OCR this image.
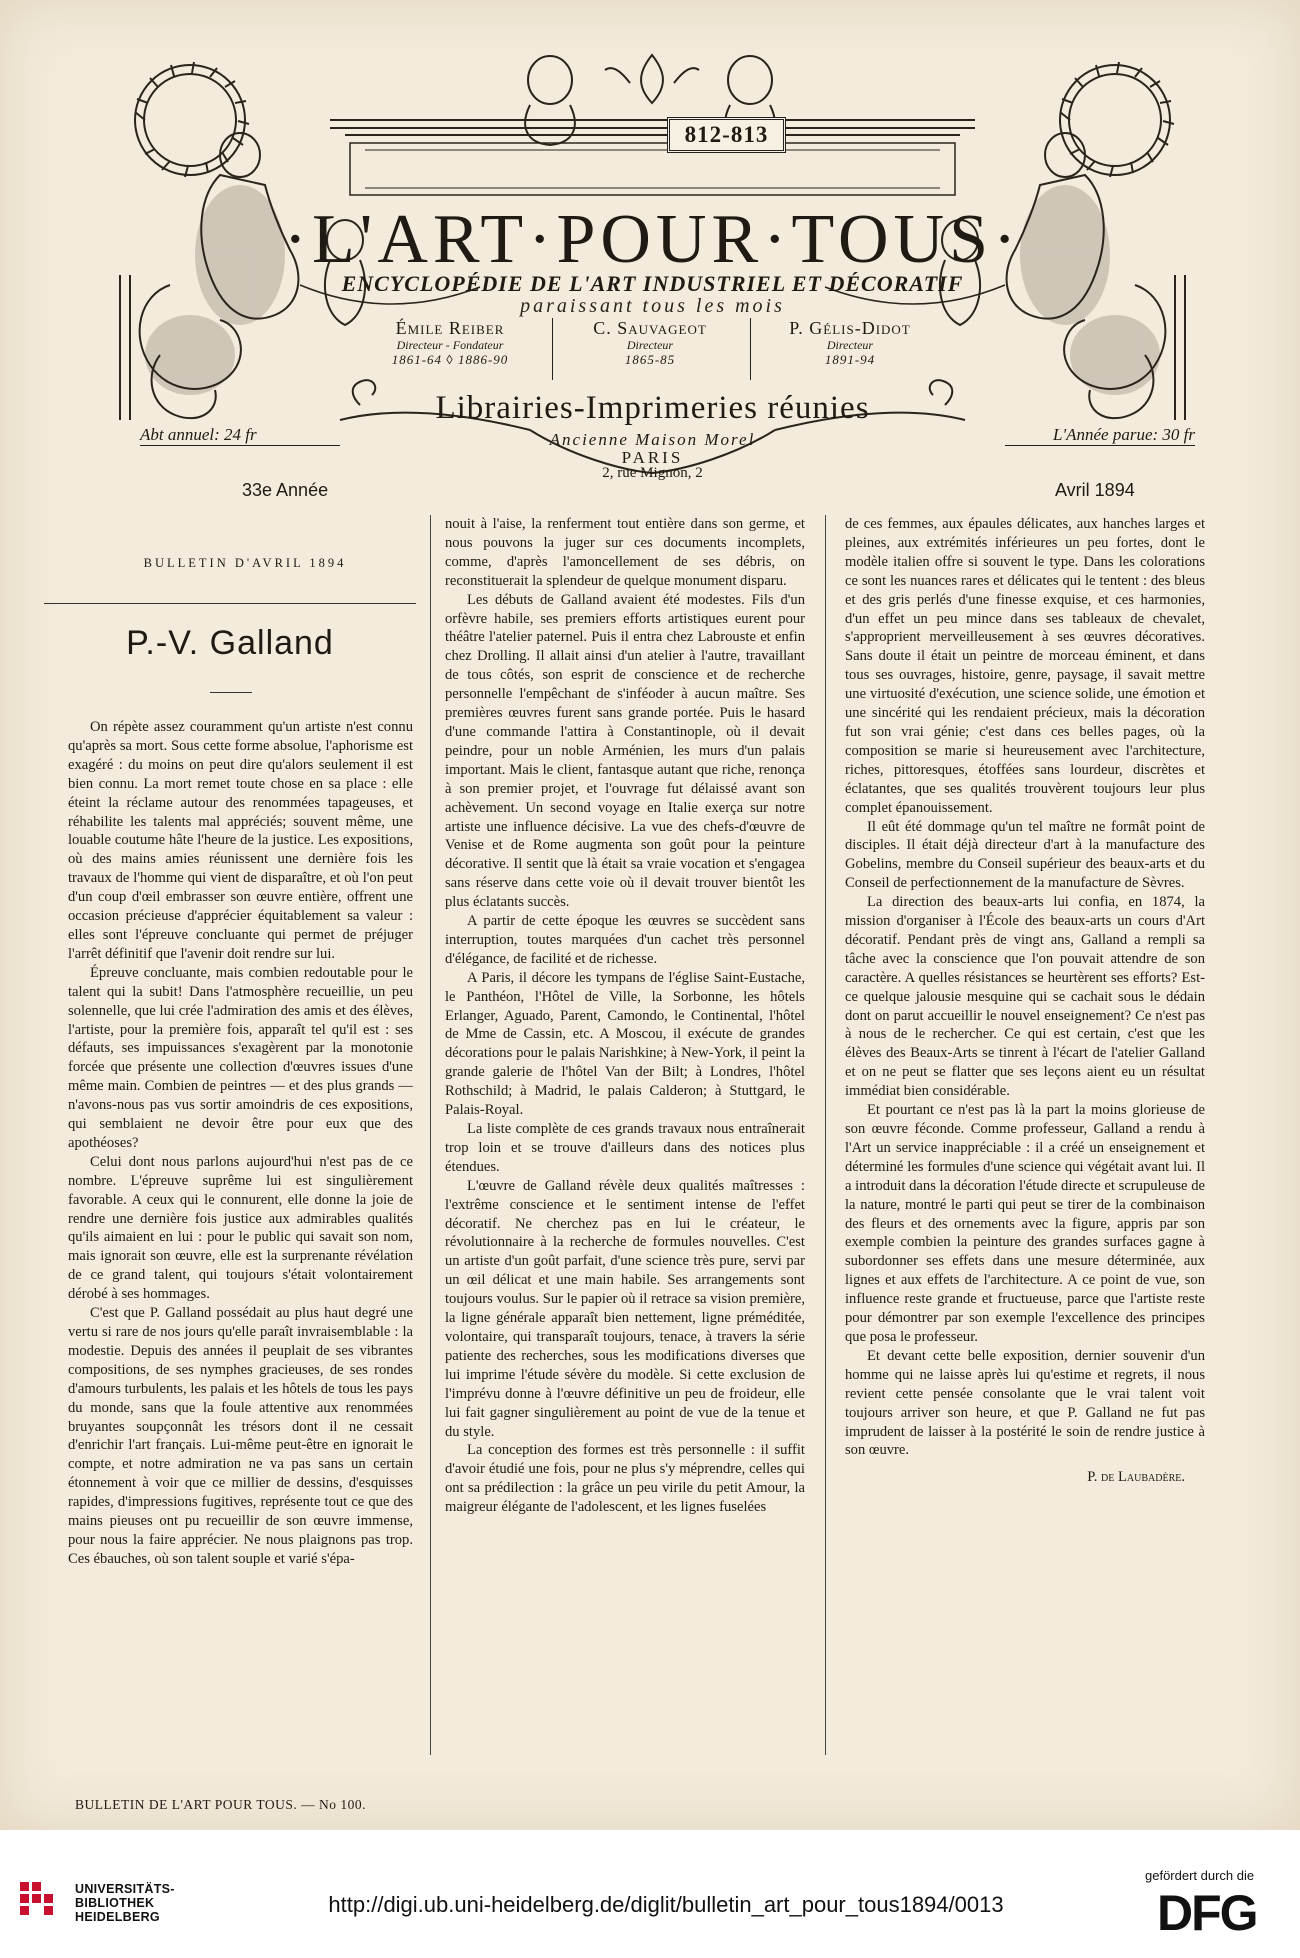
812-813
·L'ART·POUR·TOUS·
ENCYCLOPÉDIE DE L'ART INDUSTRIEL ET DÉCORATIF
paraissant tous les mois
Émile Reiber
Directeur - Fondateur
1861-64 ◊ 1886-90
C. Sauvageot
Directeur
1865-85
P. Gélis-Didot
Directeur
1891-94
Librairies-Imprimeries réunies
Ancienne Maison Morel
PARIS
2, rue Mignon, 2
Abt annuel: 24 fr	L'Année parue: 30 fr
33e Année	Avril 1894
BULLETIN D'AVRIL 1894
P.-V. Galland

On répète assez couramment qu'un artiste n'est connu qu'après sa mort. Sous cette forme absolue, l'aphorisme est exagéré : du moins on peut dire qu'alors seulement il est bien connu. La mort remet toute chose en sa place : elle éteint la réclame autour des renommées tapageuses, et réhabilite les talents mal appréciés; souvent même, une louable coutume hâte l'heure de la justice. Les expositions, où des mains amies réunissent une dernière fois les travaux de l'homme qui vient de disparaître, et où l'on peut d'un coup d'œil embrasser son œuvre entière, offrent une occasion précieuse d'apprécier équitablement sa valeur : elles sont l'épreuve concluante qui permet de préjuger l'arrêt définitif que l'avenir doit rendre sur lui.

Épreuve concluante, mais combien redoutable pour le talent qui la subit! Dans l'atmosphère recueillie, un peu solennelle, que lui crée l'admiration des amis et des élèves, l'artiste, pour la première fois, apparaît tel qu'il est : ses défauts, ses impuissances s'exagèrent par la monotonie forcée que présente une collection d'œuvres issues d'une même main. Combien de peintres — et des plus grands — n'avons-nous pas vus sortir amoindris de ces expositions, qui semblaient ne devoir être pour eux que des apothéoses?

Celui dont nous parlons aujourd'hui n'est pas de ce nombre. L'épreuve suprême lui est singulièrement favorable. A ceux qui le connurent, elle donne la joie de rendre une dernière fois justice aux admirables qualités qu'ils aimaient en lui : pour le public qui savait son nom, mais ignorait son œuvre, elle est la surprenante révélation de ce grand talent, qui toujours s'était volontairement dérobé à ses hommages.

C'est que P. Galland possédait au plus haut degré une vertu si rare de nos jours qu'elle paraît invraisemblable : la modestie. Depuis des années il peuplait de ses vibrantes compositions, de ses nymphes gracieuses, de ses rondes d'amours turbulents, les palais et les hôtels de tous les pays du monde, sans que la foule attentive aux renommées bruyantes soupçonnât les trésors dont il ne cessait d'enrichir l'art français. Lui-même peut-être en ignorait le compte, et notre admiration ne va pas sans un certain étonnement à voir que ce millier de dessins, d'esquisses rapides, d'impressions fugitives, représente tout ce que des mains pieuses ont pu recueillir de son œuvre immense, pour nous la faire apprécier. Ne nous plaignons pas trop. Ces ébauches, où son talent souple et varié s'épa-

nouit à l'aise, la renferment tout entière dans son germe, et nous pouvons la juger sur ces documents incomplets, comme, d'après l'amoncellement de ses débris, on reconstituerait la splendeur de quelque monument disparu.

Les débuts de Galland avaient été modestes. Fils d'un orfèvre habile, ses premiers efforts artistiques eurent pour théâtre l'atelier paternel. Puis il entra chez Labrouste et enfin chez Drolling. Il allait ainsi d'un atelier à l'autre, travaillant de tous côtés, son esprit de conscience et de recherche personnelle l'empêchant de s'inféoder à aucun maître. Ses premières œuvres furent sans grande portée. Puis le hasard d'une commande l'attira à Constantinople, où il devait peindre, pour un noble Arménien, les murs d'un palais important. Mais le client, fantasque autant que riche, renonça à son premier projet, et l'ouvrage fut délaissé avant son achèvement. Un second voyage en Italie exerça sur notre artiste une influence décisive. La vue des chefs-d'œuvre de Venise et de Rome augmenta son goût pour la peinture décorative. Il sentit que là était sa vraie vocation et s'engagea sans réserve dans cette voie où il devait trouver bientôt les plus éclatants succès.

A partir de cette époque les œuvres se succèdent sans interruption, toutes marquées d'un cachet très personnel d'élégance, de facilité et de richesse.

A Paris, il décore les tympans de l'église Saint-Eustache, le Panthéon, l'Hôtel de Ville, la Sorbonne, les hôtels Erlanger, Aguado, Parent, Camondo, le Continental, l'hôtel de Mme de Cassin, etc. A Moscou, il exécute de grandes décorations pour le palais Narishkine; à New-York, il peint la grande galerie de l'hôtel Van der Bilt; à Londres, l'hôtel Rothschild; à Madrid, le palais Calderon; à Stuttgard, le Palais-Royal.

La liste complète de ces grands travaux nous entraînerait trop loin et se trouve d'ailleurs dans des notices plus étendues.

L'œuvre de Galland révèle deux qualités maîtresses : l'extrême conscience et le sentiment intense de l'effet décoratif. Ne cherchez pas en lui le créateur, le révolutionnaire à la recherche de formules nouvelles. C'est un artiste d'un goût parfait, d'une science très pure, servi par un œil délicat et une main habile. Ses arrangements sont toujours voulus. Sur le papier où il retrace sa vision première, la ligne générale apparaît bien nettement, ligne préméditée, volontaire, qui transparaît toujours, tenace, à travers la série patiente des recherches, sous les modifications diverses que lui imprime l'étude sévère du modèle. Si cette exclusion de l'imprévu donne à l'œuvre définitive un peu de froideur, elle lui fait gagner singulièrement au point de vue de la tenue et du style.

La conception des formes est très personnelle : il suffit d'avoir étudié une fois, pour ne plus s'y méprendre, celles qui ont sa prédilection : la grâce un peu virile du petit Amour, la maigreur élégante de l'adolescent, et les lignes fuselées

de ces femmes, aux épaules délicates, aux hanches larges et pleines, aux extrémités inférieures un peu fortes, dont le modèle italien offre si souvent le type. Dans les colorations ce sont les nuances rares et délicates qui le tentent : des bleus et des gris perlés d'une finesse exquise, et ces harmonies, d'un effet un peu mince dans ses tableaux de chevalet, s'approprient merveilleusement à ses œuvres décoratives. Sans doute il était un peintre de morceau éminent, et dans tous ses ouvrages, histoire, genre, paysage, il savait mettre une virtuosité d'exécution, une science solide, une émotion et une sincérité qui les rendaient précieux, mais la décoration fut son vrai génie; c'est dans ces belles pages, où la composition se marie si heureusement avec l'architecture, riches, pittoresques, étoffées sans lourdeur, discrètes et éclatantes, que ses qualités trouvèrent toujours leur plus complet épanouissement.

Il eût été dommage qu'un tel maître ne formât point de disciples. Il était déjà directeur d'art à la manufacture des Gobelins, membre du Conseil supérieur des beaux-arts et du Conseil de perfectionnement de la manufacture de Sèvres.

La direction des beaux-arts lui confia, en 1874, la mission d'organiser à l'École des beaux-arts un cours d'Art décoratif. Pendant près de vingt ans, Galland a rempli sa tâche avec la conscience que l'on pouvait attendre de son caractère. A quelles résistances se heurtèrent ses efforts? Est-ce quelque jalousie mesquine qui se cachait sous le dédain dont on parut accueillir le nouvel enseignement? Ce n'est pas à nous de le rechercher. Ce qui est certain, c'est que les élèves des Beaux-Arts se tinrent à l'écart de l'atelier Galland et on ne peut se flatter que ses leçons aient eu un résultat immédiat bien considérable.

Et pourtant ce n'est pas là la part la moins glorieuse de son œuvre féconde. Comme professeur, Galland a rendu à l'Art un service inappréciable : il a créé un enseignement et déterminé les formules d'une science qui végétait avant lui. Il a introduit dans la décoration l'étude directe et scrupuleuse de la nature, montré le parti qui peut se tirer de la combinaison des fleurs et des ornements avec la figure, appris par son exemple combien la peinture des grandes surfaces gagne à subordonner ses effets dans une mesure déterminée, aux lignes et aux effets de l'architecture. A ce point de vue, son influence reste grande et fructueuse, parce que l'artiste reste pour démontrer par son exemple l'excellence des principes que posa le professeur.

Et devant cette belle exposition, dernier souvenir d'un homme qui ne laisse après lui qu'estime et regrets, il nous revient cette pensée consolante que le vrai talent voit toujours arriver son heure, et que P. Galland ne fut pas imprudent de laisser à la postérité le soin de rendre justice à son œuvre.

P. de Laubadère.

BULLETIN DE L'ART POUR TOUS. — No 100.
UNIVERSITÄTS-
BIBLIOTHEK
HEIDELBERG	http://digi.ub.uni-heidelberg.de/diglit/bulletin_art_pour_tous1894/0013
gefördert durch die
DFG
